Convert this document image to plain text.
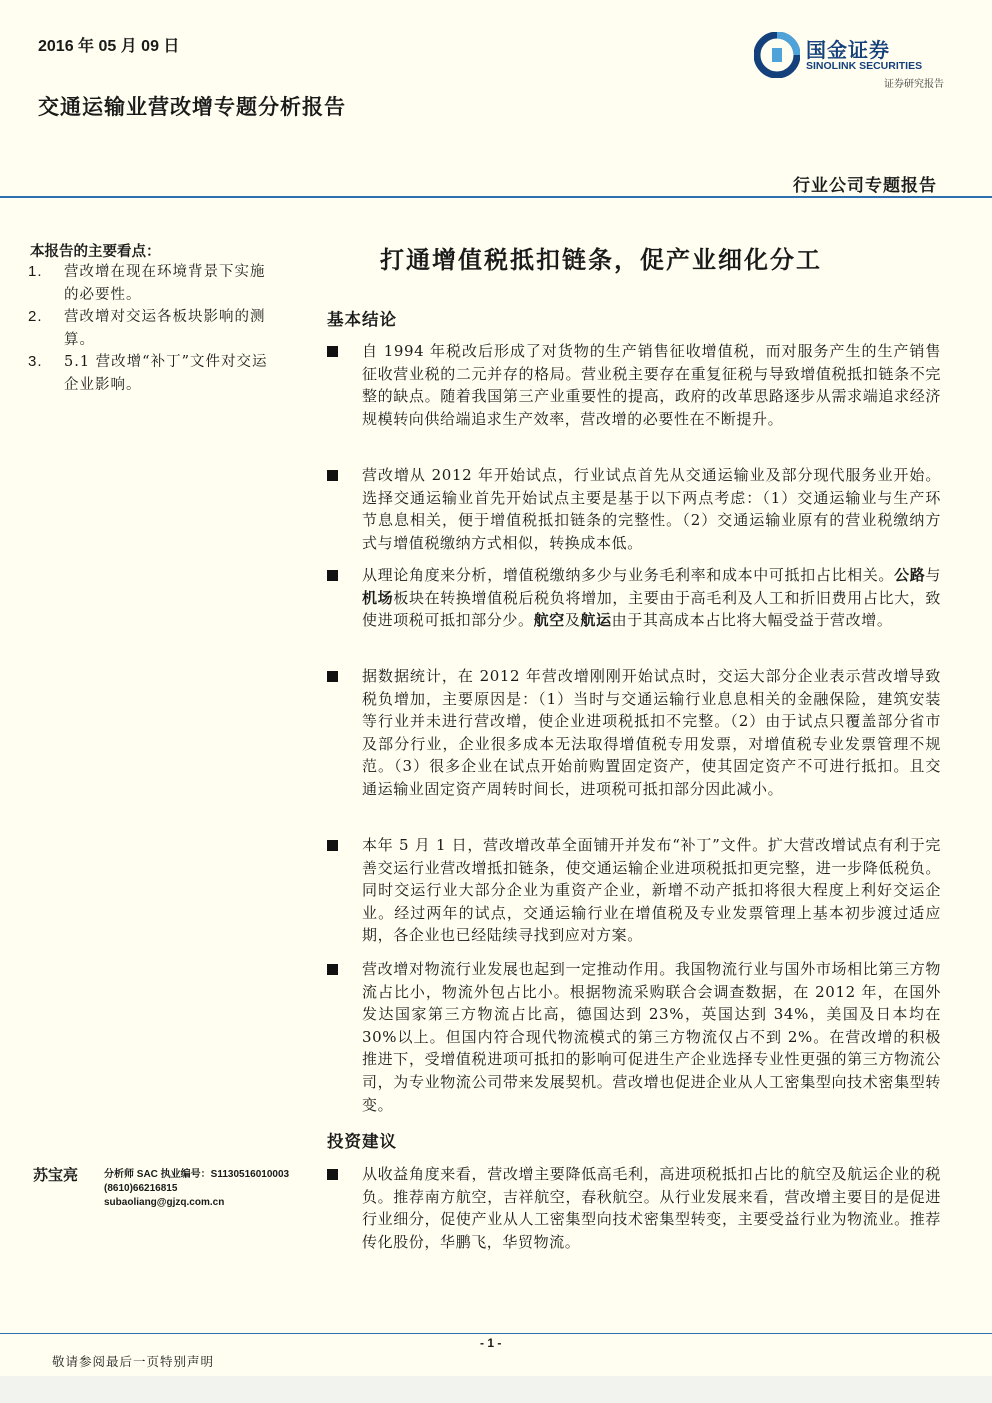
2016 年 05 月 09 日
交通运输业营改增专题分析报告
国金证券
SINOLINK SECURITIES
证券研究报告
行业公司专题报告
本报告的主要看点：
1. 营改增在现在环境背景下实施的必要性。
2. 营改增对交运各板块影响的测算。
3. 5.1 营改增“补丁”文件对交运企业影响。
苏宝亮	分析师 SAC 执业编号：S1130516010003
(8610)66216815
subaoliang@gjzq.com.cn
打通增值税抵扣链条，促产业细化分工
基本结论
自 1994 年税改后形成了对货物的生产销售征收增值税，而对服务产生的生产销售征收营业税的二元并存的格局。营业税主要存在重复征税与导致增值税抵扣链条不完整的缺点。随着我国第三产业重要性的提高，政府的改革思路逐步从需求端追求经济规模转向供给端追求生产效率，营改增的必要性在不断提升。
营改增从 2012 年开始试点，行业试点首先从交通运输业及部分现代服务业开始。选择交通运输业首先开始试点主要是基于以下两点考虑：（1）交通运输业与生产环节息息相关，便于增值税抵扣链条的完整性。（2）交通运输业原有的营业税缴纳方式与增值税缴纳方式相似，转换成本低。
从理论角度来分析，增值税缴纳多少与业务毛利率和成本中可抵扣占比相关。公路与机场板块在转换增值税后税负将增加，主要由于高毛利及人工和折旧费用占比大，致使进项税可抵扣部分少。航空及航运由于其高成本占比将大幅受益于营改增。
据数据统计，在 2012 年营改增刚刚开始试点时，交运大部分企业表示营改增导致税负增加，主要原因是：（1）当时与交通运输行业息息相关的金融保险，建筑安装等行业并未进行营改增，使企业进项税抵扣不完整。（2）由于试点只覆盖部分省市及部分行业，企业很多成本无法取得增值税专用发票，对增值税专业发票管理不规范。（3）很多企业在试点开始前购置固定资产，使其固定资产不可进行抵扣。且交通运输业固定资产周转时间长，进项税可抵扣部分因此减小。
本年 5 月 1 日，营改增改革全面铺开并发布“补丁”文件。扩大营改增试点有利于完善交运行业营改增抵扣链条，使交通运输企业进项税抵扣更完整，进一步降低税负。同时交运行业大部分企业为重资产企业，新增不动产抵扣将很大程度上利好交运企业。经过两年的试点，交通运输行业在增值税及专业发票管理上基本初步渡过适应期，各企业也已经陆续寻找到应对方案。
营改增对物流行业发展也起到一定推动作用。我国物流行业与国外市场相比第三方物流占比小，物流外包占比小。根据物流采购联合会调查数据，在 2012 年，在国外发达国家第三方物流占比高，德国达到 23%，英国达到 34%，美国及日本均在 30%以上。但国内符合现代物流模式的第三方物流仅占不到 2%。在营改增的积极推进下，受增值税进项可抵扣的影响可促进生产企业选择专业性更强的第三方物流公司，为专业物流公司带来发展契机。营改增也促进企业从人工密集型向技术密集型转变。
投资建议
从收益角度来看，营改增主要降低高毛利，高进项税抵扣占比的航空及航运企业的税负。推荐南方航空，吉祥航空，春秋航空。从行业发展来看，营改增主要目的是促进行业细分，促使产业从人工密集型向技术密集型转变，主要受益行业为物流业。推荐传化股份，华鹏飞，华贸物流。
- 1 -
敬请参阅最后一页特别声明
